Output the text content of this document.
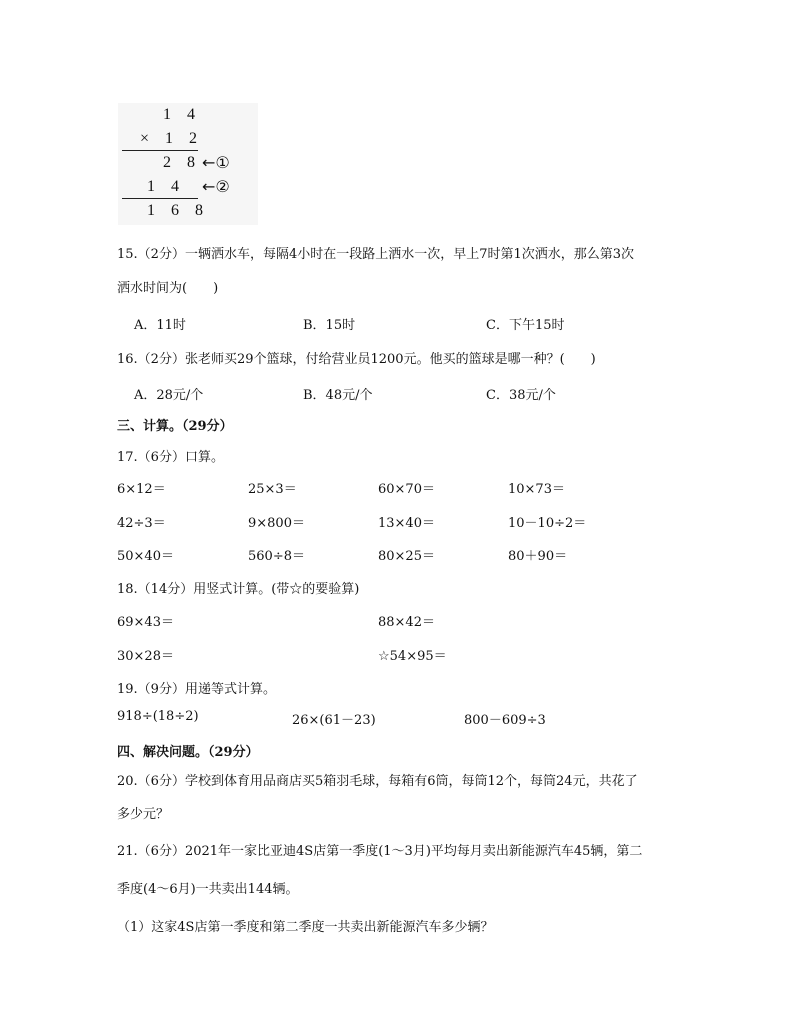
1 4
× 1 2
2 8 ←①
1 4 ←②
1 6 8
15.（2分）一辆洒水车，每隔4小时在一段路上洒水一次，早上7时第1次洒水，那么第3次
洒水时间为(　　)
A．11时	B．15时	C．下午15时
16.（2分）张老师买29个篮球，付给营业员1200元。他买的篮球是哪一种？(　　)
A．28元/个	B．48元/个	C．38元/个
三、计算。（29分）
17.（6分）口算。
6×12＝	25×3＝	60×70＝	10×73＝
42÷3＝	9×800＝	13×40＝	10－10÷2＝
50×40＝	560÷8＝	80×25＝	80＋90＝
18.（14分）用竖式计算。(带☆的要验算)
69×43＝	88×42＝
30×28＝	☆54×95＝
19.（9分）用递等式计算。
918÷(18÷2)	26×(61－23)	800－609÷3
四、解决问题。（29分）
20.（6分）学校到体育用品商店买5箱羽毛球，每箱有6筒，每筒12个，每筒24元，共花了
多少元？
21.（6分）2021年一家比亚迪4S店第一季度(1～3月)平均每月卖出新能源汽车45辆，第二
季度(4～6月)一共卖出144辆。
（1）这家4S店第一季度和第二季度一共卖出新能源汽车多少辆？
